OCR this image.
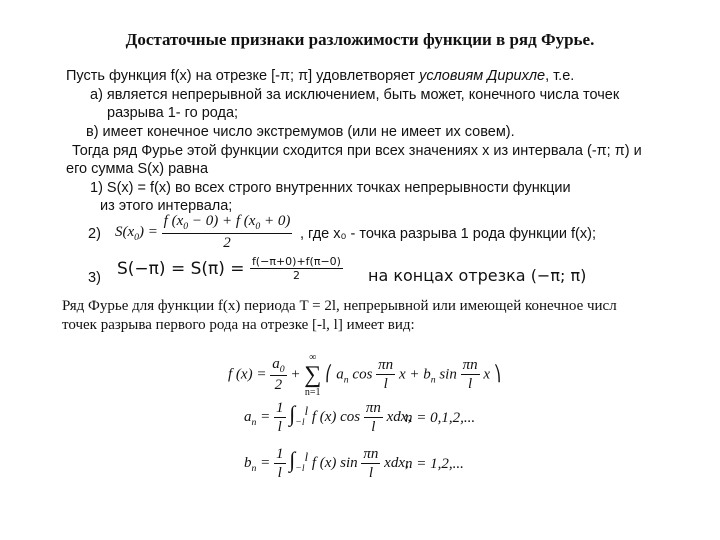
Достаточные признаки разложимости функции в ряд Фурье.
Пусть функция f(x) на отрезке [-π; π] удовлетворяет условиям Дирихле, т.е.
а) является непрерывной за исключением, быть может, конечного числа точек
разрыва 1- го рода;
в) имеет конечное число экстремумов (или не имеет их совем).
Тогда ряд Фурье этой функции сходится при всех значениях х из интервала (-π; π) и
его сумма S(x) равна
1) S(x) = f(x) во всех строго внутренних точках непрерывности функции
из этого интервала;
2) $S(x_0) = \frac{f (x_0 - 0) + f (x_0 + 0)}{2}$ , где x₀ - точка разрыва 1 рода функции f(x);
3) $S(-\pi) = S(\pi) = \frac{f(-\pi+0)+f(\pi-0)}{2}$ на концах отрезка (−π; π)
Ряд Фурье для функции f(x) периода T = 2l, непрерывной или имеющей конечное числ
точек разрыва первого рода на отрезке [-l, l] имеет вид:
f $(x) = \frac{a_0}{2}$ +
∞
∑
n=1
⎛ $a_n$ $\cos \frac{\pi n}{l}$ $x + b_n$ $\sin \frac{\pi n}{l}$ x ⎞
$a_n = \frac{1}{l} \int_{-l}^l$ f (x) $\cos \frac{\pi n}{l}$ xdx,
n = 0,1,2,...
$b_n = \frac{1}{l} \int_{-l}^l$ f (x) $\sin \frac{\pi n}{l}$ xdx,
n = 1,2,...
